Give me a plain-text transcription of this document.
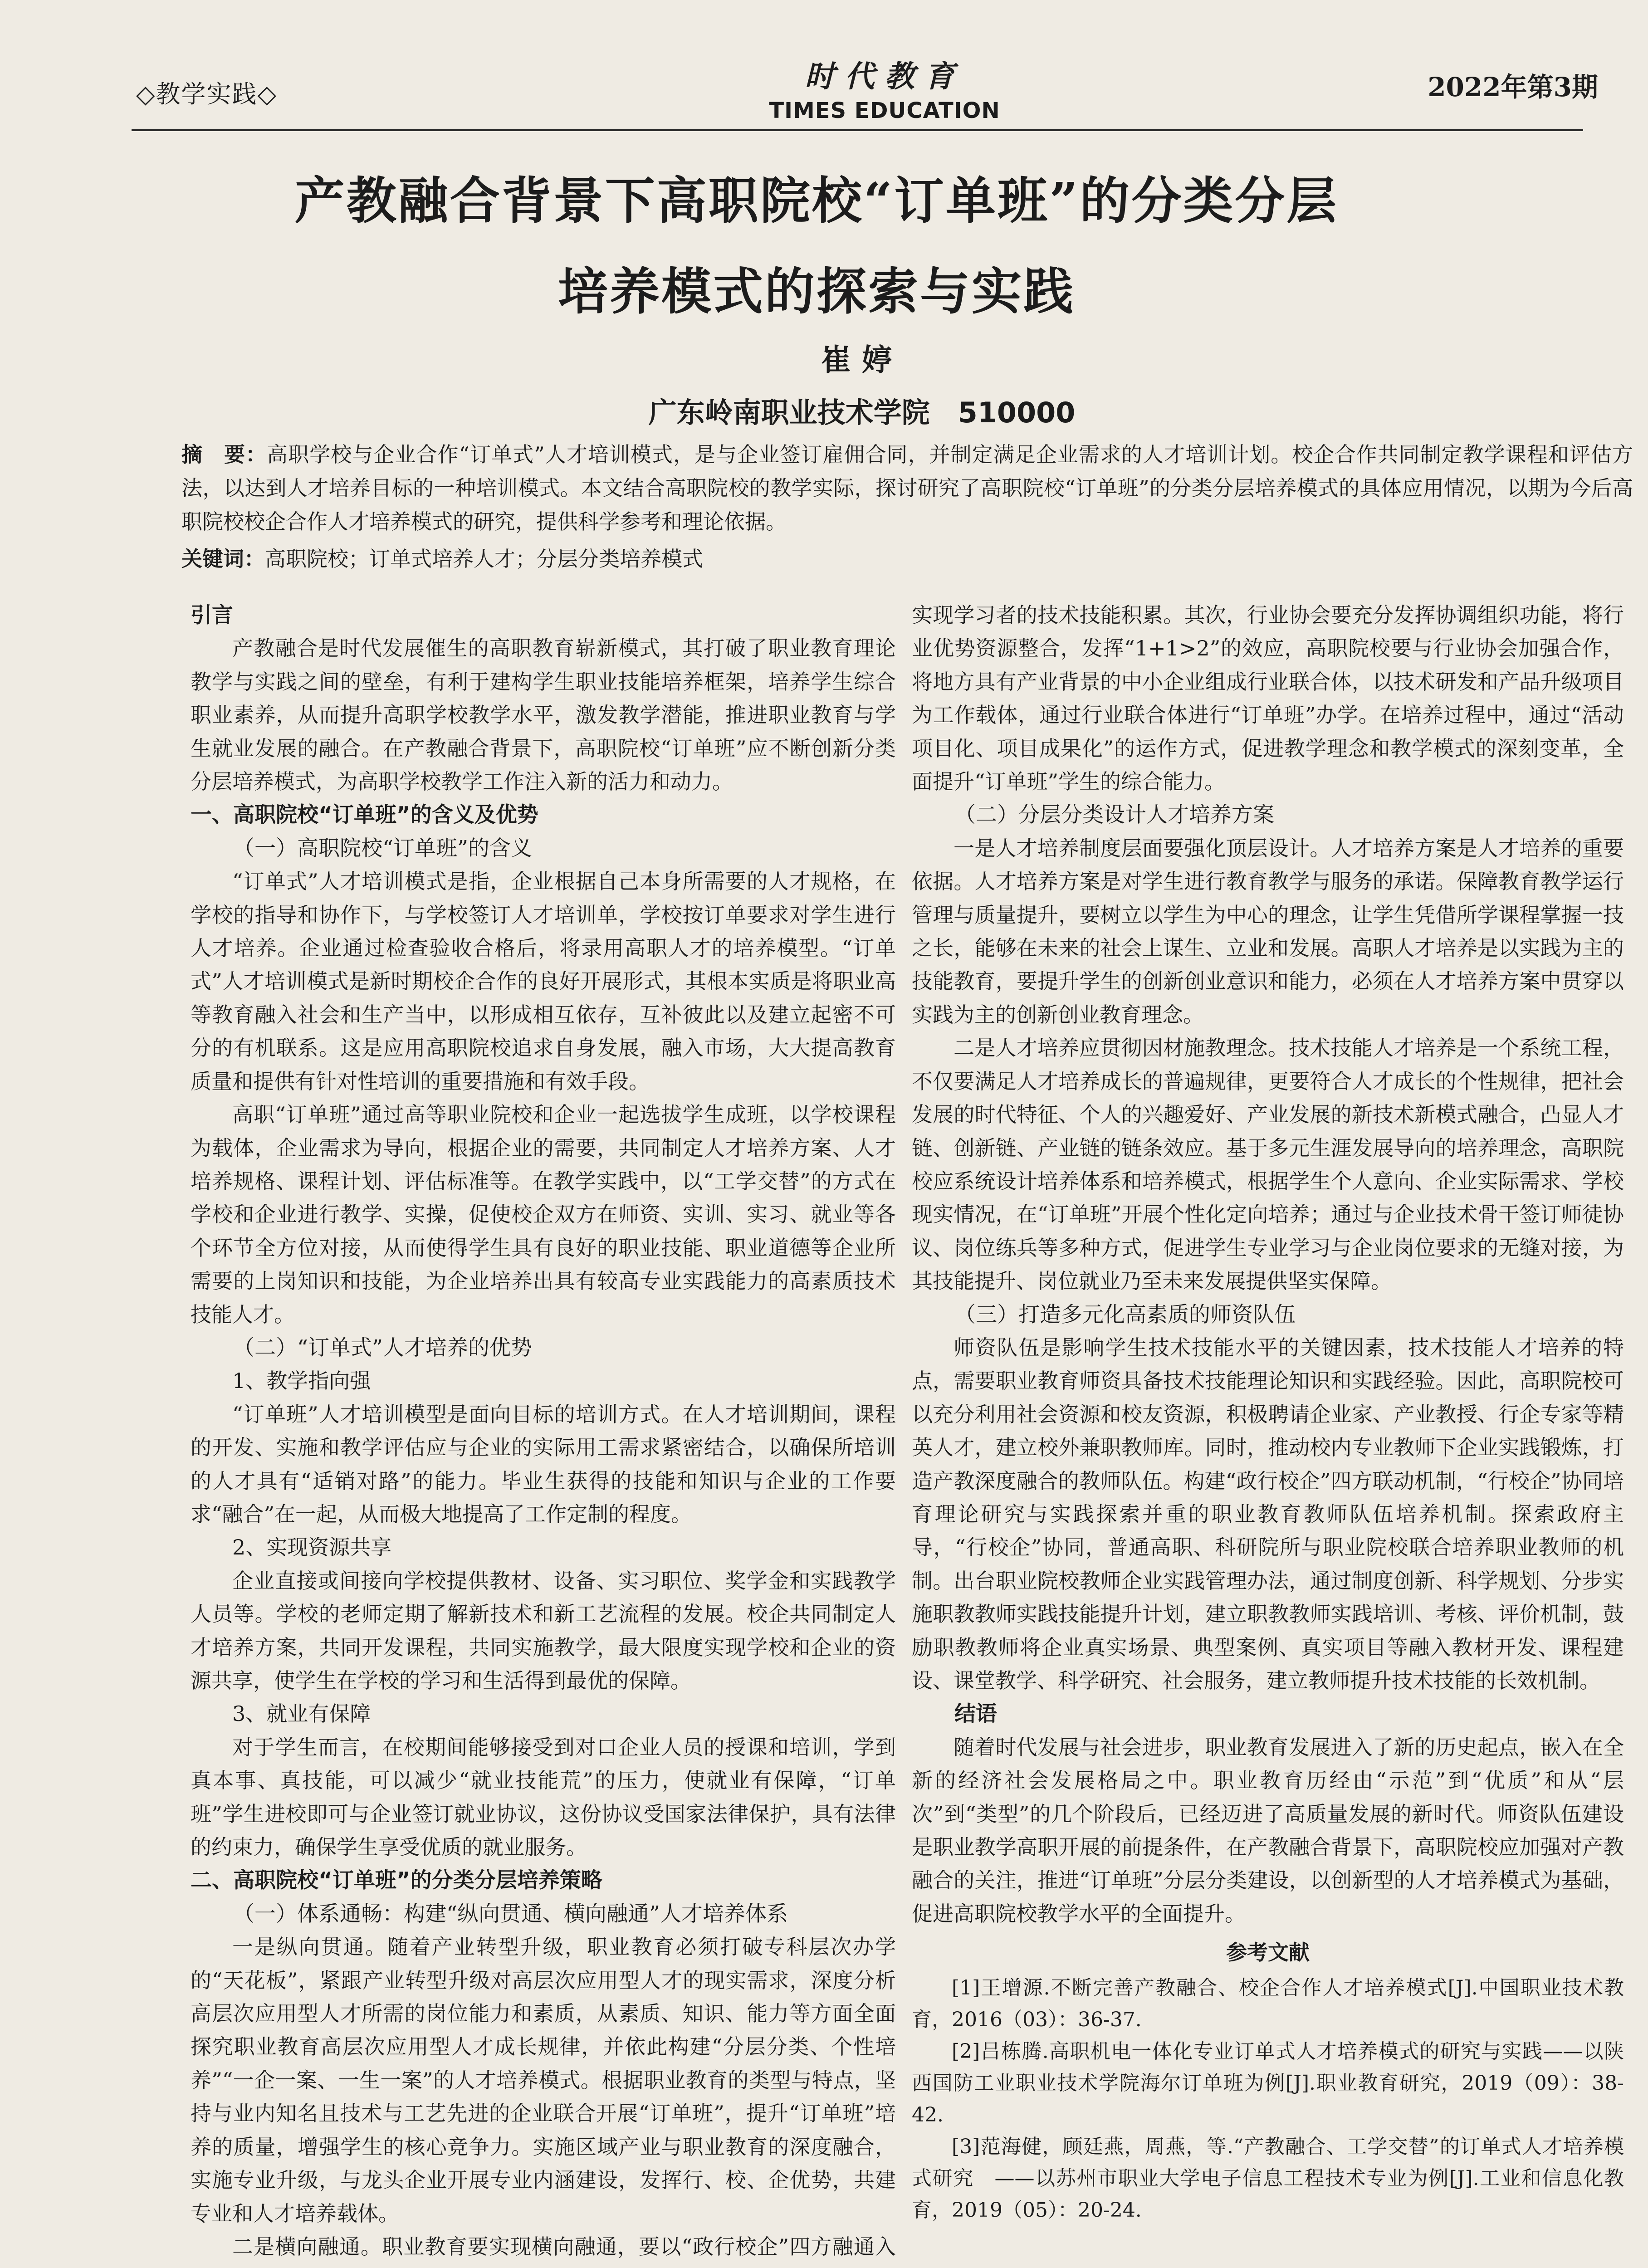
◇教学实践◇
时代教育
TIMES EDUCATION
2022年第3期
产教融合背景下高职院校“订单班”的分类分层
培养模式的探索与实践
崔婷
广东岭南职业技术学院　510000
摘　要：高职学校与企业合作“订单式”人才培训模式，是与企业签订雇佣合同，并制定满足企业需求的人才培训计划。校企合作共同制定教学课程和评估方法，以达到人才培养目标的一种培训模式。本文结合高职院校的教学实际，探讨研究了高职院校“订单班”的分类分层培养模式的具体应用情况，以期为今后高职院校校企合作人才培养模式的研究，提供科学参考和理论依据。
关键词：高职院校；订单式培养人才；分层分类培养模式
引言

产教融合是时代发展催生的高职教育崭新模式，其打破了职业教育理论教学与实践之间的壁垒，有利于建构学生职业技能培养框架，培养学生综合职业素养，从而提升高职学校教学水平，激发教学潜能，推进职业教育与学生就业发展的融合。在产教融合背景下，高职院校“订单班”应不断创新分类分层培养模式，为高职学校教学工作注入新的活力和动力。

一、高职院校“订单班”的含义及优势
（一）高职院校“订单班”的含义

“订单式”人才培训模式是指，企业根据自己本身所需要的人才规格，在学校的指导和协作下，与学校签订人才培训单，学校按订单要求对学生进行人才培养。企业通过检查验收合格后，将录用高职人才的培养模型。“订单式”人才培训模式是新时期校企合作的良好开展形式，其根本实质是将职业高等教育融入社会和生产当中，以形成相互依存，互补彼此以及建立起密不可分的有机联系。这是应用高职院校追求自身发展，融入市场，大大提高教育质量和提供有针对性培训的重要措施和有效手段。

高职“订单班”通过高等职业院校和企业一起选拔学生成班，以学校课程为载体，企业需求为导向，根据企业的需要，共同制定人才培养方案、人才培养规格、课程计划、评估标准等。在教学实践中，以“工学交替”的方式在学校和企业进行教学、实操，促使校企双方在师资、实训、实习、就业等各个环节全方位对接，从而使得学生具有良好的职业技能、职业道德等企业所需要的上岗知识和技能，为企业培养出具有较高专业实践能力的高素质技术技能人才。

（二）“订单式”人才培养的优势
1、教学指向强

“订单班”人才培训模型是面向目标的培训方式。在人才培训期间，课程的开发、实施和教学评估应与企业的实际用工需求紧密结合，以确保所培训的人才具有“适销对路”的能力。毕业生获得的技能和知识与企业的工作要求“融合”在一起，从而极大地提高了工作定制的程度。

2、实现资源共享

企业直接或间接向学校提供教材、设备、实习职位、奖学金和实践教学人员等。学校的老师定期了解新技术和新工艺流程的发展。校企共同制定人才培养方案，共同开发课程，共同实施教学，最大限度实现学校和企业的资源共享，使学生在学校的学习和生活得到最优的保障。

3、就业有保障

对于学生而言，在校期间能够接受到对口企业人员的授课和培训，学到真本事、真技能，可以减少“就业技能荒”的压力，使就业有保障，“订单班”学生进校即可与企业签订就业协议，这份协议受国家法律保护，具有法律的约束力，确保学生享受优质的就业服务。

二、高职院校“订单班”的分类分层培养策略
（一）体系通畅：构建“纵向贯通、横向融通”人才培养体系

一是纵向贯通。随着产业转型升级，职业教育必须打破专科层次办学的“天花板”，紧跟产业转型升级对高层次应用型人才的现实需求，深度分析高层次应用型人才所需的岗位能力和素质，从素质、知识、能力等方面全面探究职业教育高层次应用型人才成长规律，并依此构建“分层分类、个性培养”“一企一案、一生一案”的人才培养模式。根据职业教育的类型与特点，坚持与业内知名且技术与工艺先进的企业联合开展“订单班”，提升“订单班”培养的质量，增强学生的核心竞争力。实施区域产业与职业教育的深度融合，实施专业升级，与龙头企业开展专业内涵建设，发挥行、校、企优势，共建专业和人才培养载体。

二是横向融通。职业教育要实现横向融通，要以“政行校企”四方融通入

实现学习者的技术技能积累。其次，行业协会要充分发挥协调组织功能，将行业优势资源整合，发挥“1+1>2”的效应，高职院校要与行业协会加强合作，将地方具有产业背景的中小企业组成行业联合体，以技术研发和产品升级项目为工作载体，通过行业联合体进行“订单班”办学。在培养过程中，通过“活动项目化、项目成果化”的运作方式，促进教学理念和教学模式的深刻变革，全面提升“订单班”学生的综合能力。

（二）分层分类设计人才培养方案

一是人才培养制度层面要强化顶层设计。人才培养方案是人才培养的重要依据。人才培养方案是对学生进行教育教学与服务的承诺。保障教育教学运行管理与质量提升，要树立以学生为中心的理念，让学生凭借所学课程掌握一技之长，能够在未来的社会上谋生、立业和发展。高职人才培养是以实践为主的技能教育，要提升学生的创新创业意识和能力，必须在人才培养方案中贯穿以实践为主的创新创业教育理念。

二是人才培养应贯彻因材施教理念。技术技能人才培养是一个系统工程，不仅要满足人才培养成长的普遍规律，更要符合人才成长的个性规律，把社会发展的时代特征、个人的兴趣爱好、产业发展的新技术新模式融合，凸显人才链、创新链、产业链的链条效应。基于多元生涯发展导向的培养理念，高职院校应系统设计培养体系和培养模式，根据学生个人意向、企业实际需求、学校现实情况，在“订单班”开展个性化定向培养；通过与企业技术骨干签订师徒协议、岗位练兵等多种方式，促进学生专业学习与企业岗位要求的无缝对接，为其技能提升、岗位就业乃至未来发展提供坚实保障。

（三）打造多元化高素质的师资队伍

师资队伍是影响学生技术技能水平的关键因素，技术技能人才培养的特点，需要职业教育师资具备技术技能理论知识和实践经验。因此，高职院校可以充分利用社会资源和校友资源，积极聘请企业家、产业教授、行企专家等精英人才，建立校外兼职教师库。同时，推动校内专业教师下企业实践锻炼，打造产教深度融合的教师队伍。构建“政行校企”四方联动机制，“行校企”协同培育理论研究与实践探索并重的职业教育教师队伍培养机制。探索政府主导，“行校企”协同，普通高职、科研院所与职业院校联合培养职业教师的机制。出台职业院校教师企业实践管理办法，通过制度创新、科学规划、分步实施职教教师实践技能提升计划，建立职教教师实践培训、考核、评价机制，鼓励职教教师将企业真实场景、典型案例、真实项目等融入教材开发、课程建设、课堂教学、科学研究、社会服务，建立教师提升技术技能的长效机制。

结语

随着时代发展与社会进步，职业教育发展进入了新的历史起点，嵌入在全新的经济社会发展格局之中。职业教育历经由“示范”到“优质”和从“层次”到“类型”的几个阶段后，已经迈进了高质量发展的新时代。师资队伍建设是职业教学高职开展的前提条件，在产教融合背景下，高职院校应加强对产教融合的关注，推进“订单班”分层分类建设，以创新型的人才培养模式为基础，促进高职院校教学水平的全面提升。

参考文献

[1]王增源.不断完善产教融合、校企合作人才培养模式[J].中国职业技术教育，2016（03）：36-37.

[2]吕栋腾.高职机电一体化专业订单式人才培养模式的研究与实践——以陕西国防工业职业技术学院海尔订单班为例[J].职业教育研究，2019（09）：38-42.

[3]范海健，顾廷燕，周燕，等.“产教融合、工学交替”的订单式人才培养模式研究　——以苏州市职业大学电子信息工程技术专业为例[J].工业和信息化教育，2019（05）：20-24.
